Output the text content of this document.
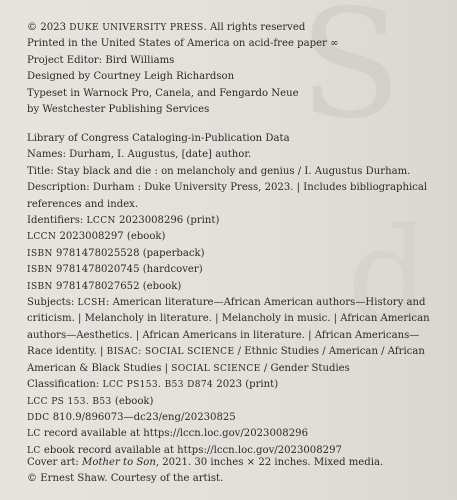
S
d
© 2023 DUKE UNIVERSITY PRESS. All rights reserved
Printed in the United States of America on acid-free paper ∞
Project Editor: Bird Williams
Designed by Courtney Leigh Richardson
Typeset in Warnock Pro, Canela, and Fengardo Neue
by Westchester Publishing Services
Library of Congress Cataloging-in-Publication Data
Names: Durham, I. Augustus, [date] author.
Title: Stay black and die : on melancholy and genius / I. Augustus Durham.
Description: Durham : Duke University Press, 2023. | Includes bibliographical
references and index.
Identifiers: LCCN 2023008296 (print)
LCCN 2023008297 (ebook)
ISBN 9781478025528 (paperback)
ISBN 9781478020745 (hardcover)
ISBN 9781478027652 (ebook)
Subjects: LCSH: American literature—African American authors—History and
criticism. | Melancholy in literature. | Melancholy in music. | African American
authors—Aesthetics. | African Americans in literature. | African Americans—
Race identity. | BISAC: SOCIAL SCIENCE / Ethnic Studies / American / African
American & Black Studies | SOCIAL SCIENCE / Gender Studies
Classification: LCC PS153. B53 D874 2023 (print)
LCC PS 153. B53 (ebook)
DDC 810.9/896073—dc23/eng/20230825
LC record available at https://lccn.loc.gov/2023008296
LC ebook record available at https://lccn.loc.gov/2023008297
Cover art: Mother to Son, 2021. 30 inches × 22 inches. Mixed media.
© Ernest Shaw. Courtesy of the artist.
